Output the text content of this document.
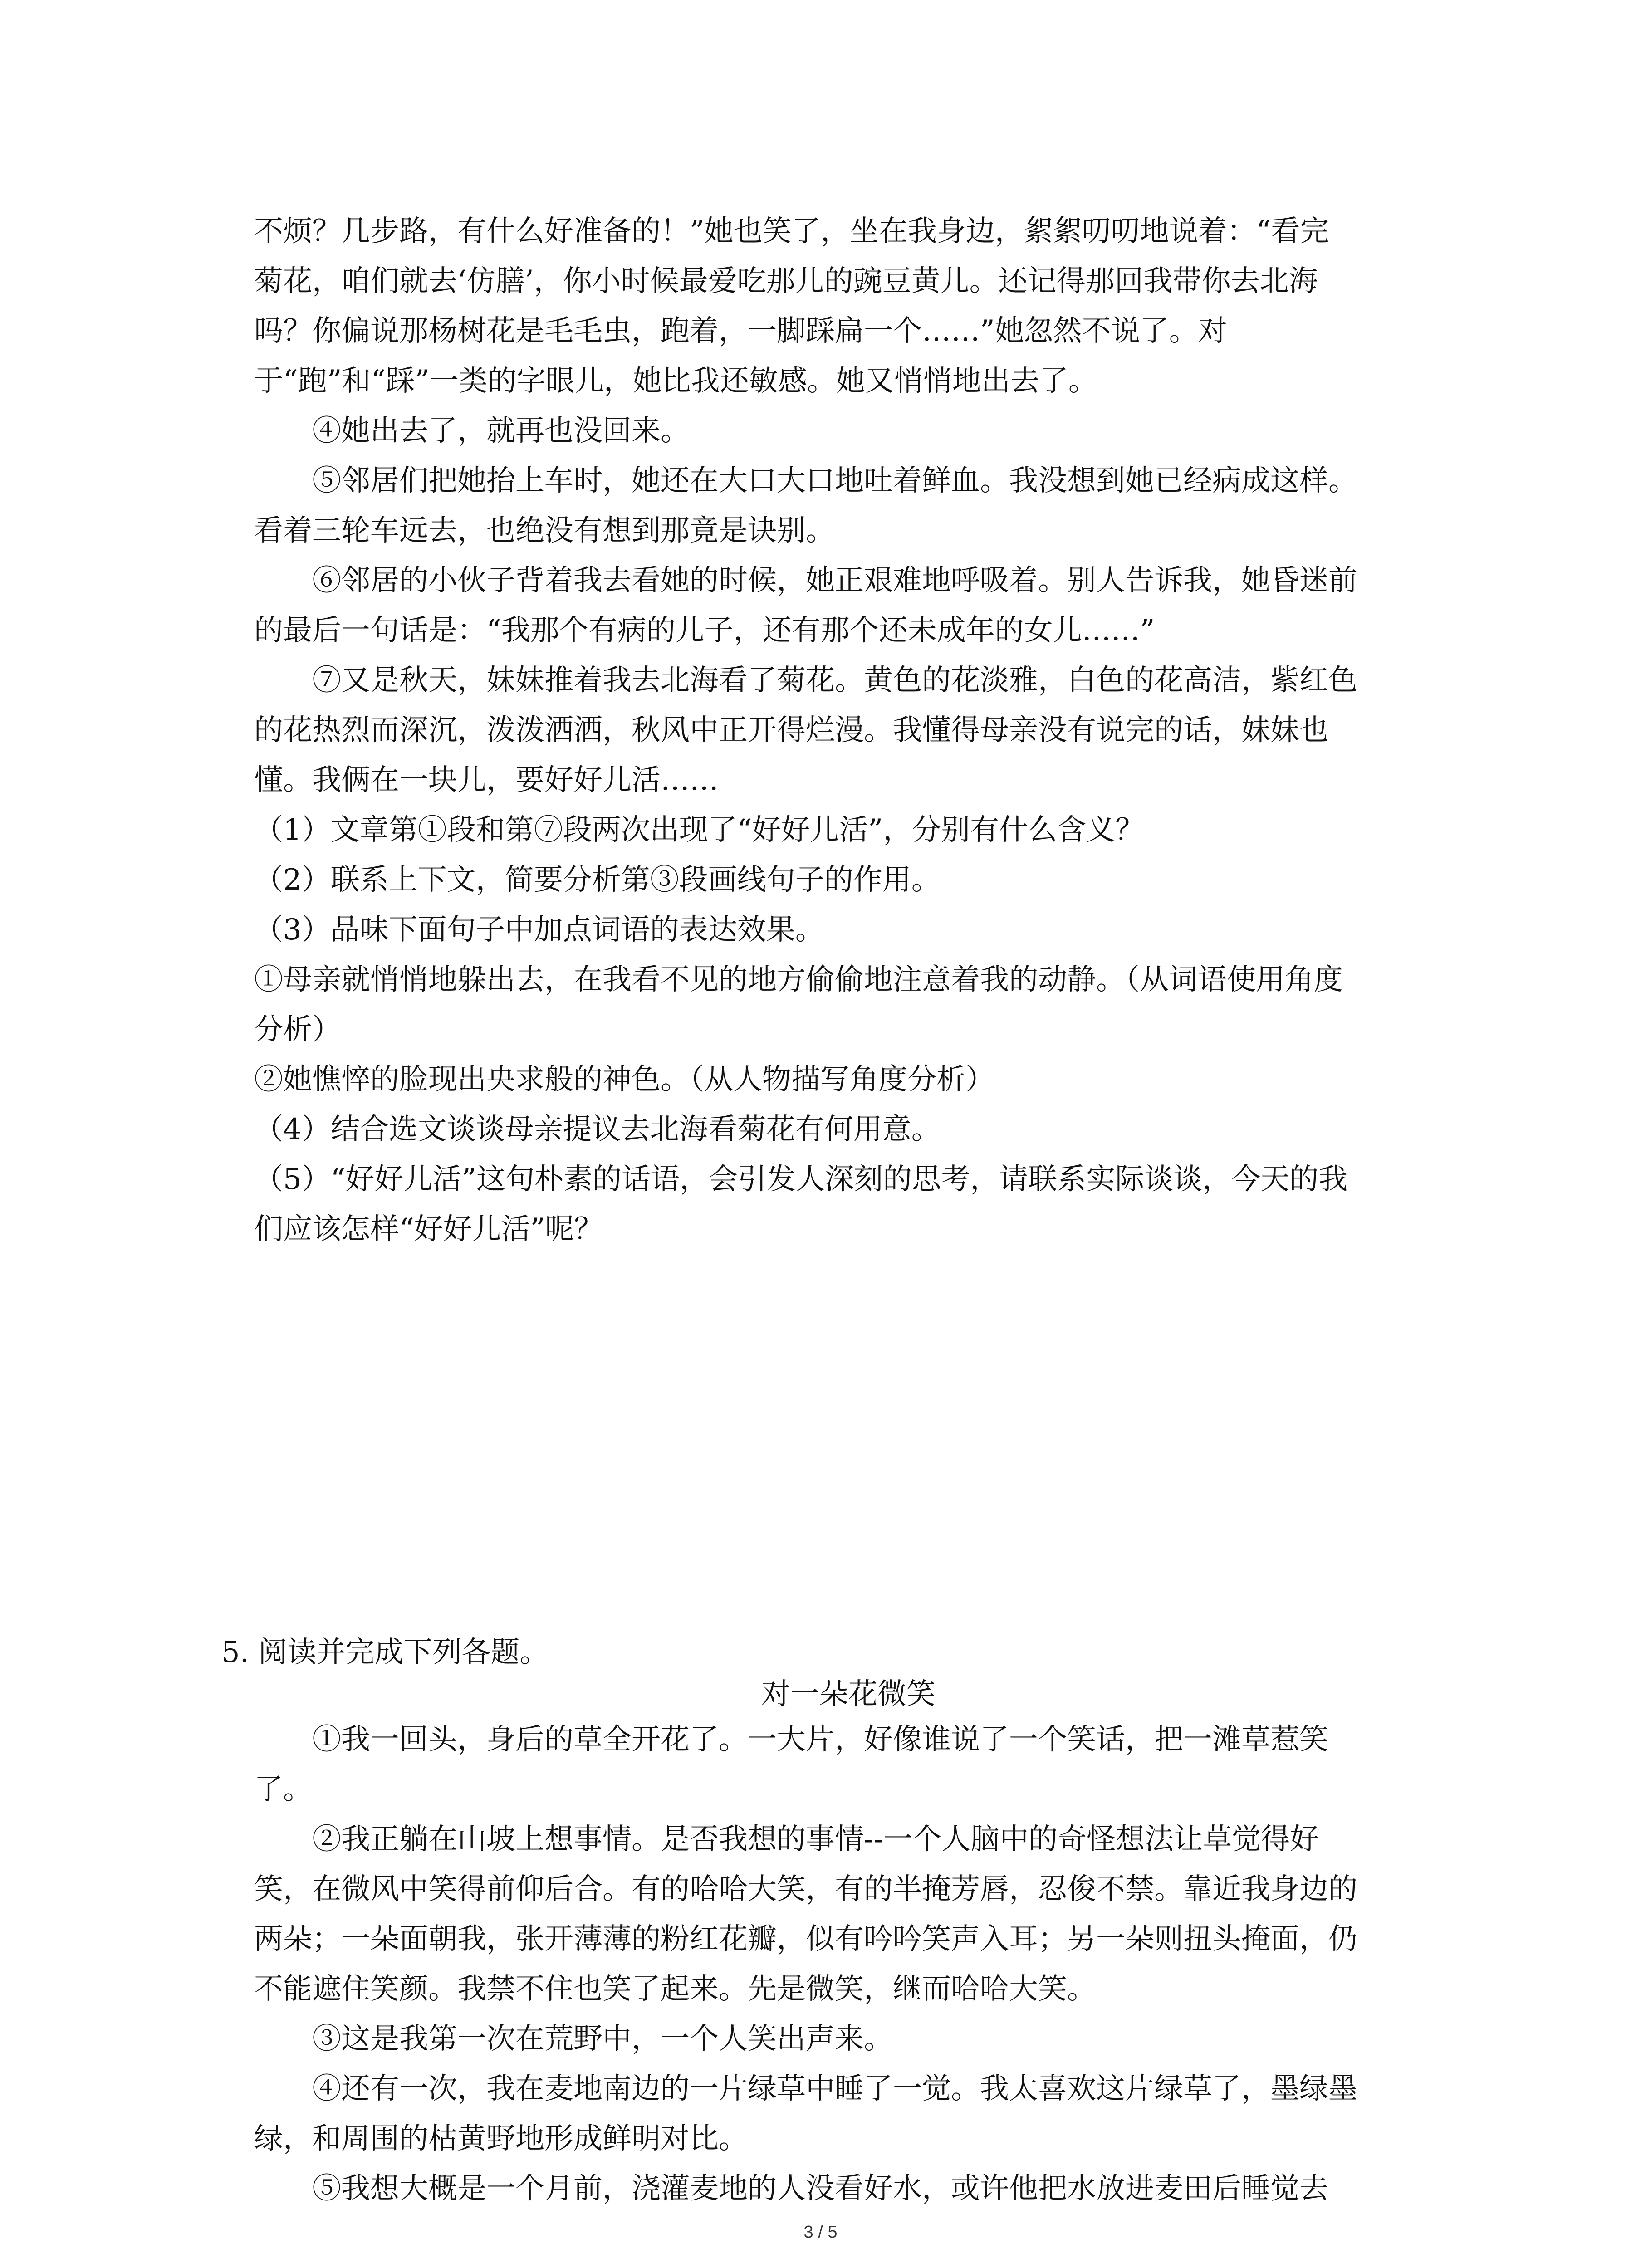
不烦？几步路，有什么好准备的！”她也笑了，坐在我身边，絮絮叨叨地说着：“看完

菊花，咱们就去‘仿膳’，你小时候最爱吃那儿的豌豆黄儿。还记得那回我带你去北海

吗？你偏说那杨树花是毛毛虫，跑着，一脚踩扁一个……”她忽然不说了。对

于“跑”和“踩”一类的字眼儿，她比我还敏感。她又悄悄地出去了。

④她出去了，就再也没回来。

⑤邻居们把她抬上车时，她还在大口大口地吐着鲜血。我没想到她已经病成这样。

看着三轮车远去，也绝没有想到那竟是诀别。

⑥邻居的小伙子背着我去看她的时候，她正艰难地呼吸着。别人告诉我，她昏迷前

的最后一句话是：“我那个有病的儿子，还有那个还未成年的女儿……”

⑦又是秋天，妹妹推着我去北海看了菊花。黄色的花淡雅，白色的花高洁，紫红色

的花热烈而深沉，泼泼洒洒，秋风中正开得烂漫。我懂得母亲没有说完的话，妹妹也

懂。我俩在一块儿，要好好儿活……

（1）文章第①段和第⑦段两次出现了“好好儿活”，分别有什么含义？

（2）联系上下文，简要分析第③段画线句子的作用。

（3）品味下面句子中加点词语的表达效果。

①母亲就悄悄地躲出去，在我看不见的地方偷偷地注意着我的动静。（从词语使用角度

分析）

②她憔悴的脸现出央求般的神色。（从人物描写角度分析）

（4）结合选文谈谈母亲提议去北海看菊花有何用意。

（5）“好好儿活”这句朴素的话语，会引发人深刻的思考，请联系实际谈谈，今天的我

们应该怎样“好好儿活”呢？

5. 阅读并完成下列各题。
对一朵花微笑

①我一回头，身后的草全开花了。一大片，好像谁说了一个笑话，把一滩草惹笑

了。

②我正躺在山坡上想事情。是否我想的事情--一个人脑中的奇怪想法让草觉得好

笑，在微风中笑得前仰后合。有的哈哈大笑，有的半掩芳唇，忍俊不禁。靠近我身边的

两朵；一朵面朝我，张开薄薄的粉红花瓣，似有吟吟笑声入耳；另一朵则扭头掩面，仍

不能遮住笑颜。我禁不住也笑了起来。先是微笑，继而哈哈大笑。

③这是我第一次在荒野中，一个人笑出声来。

④还有一次，我在麦地南边的一片绿草中睡了一觉。我太喜欢这片绿草了，墨绿墨

绿，和周围的枯黄野地形成鲜明对比。

⑤我想大概是一个月前，浇灌麦地的人没看好水，或许他把水放进麦田后睡觉去

3 / 5
